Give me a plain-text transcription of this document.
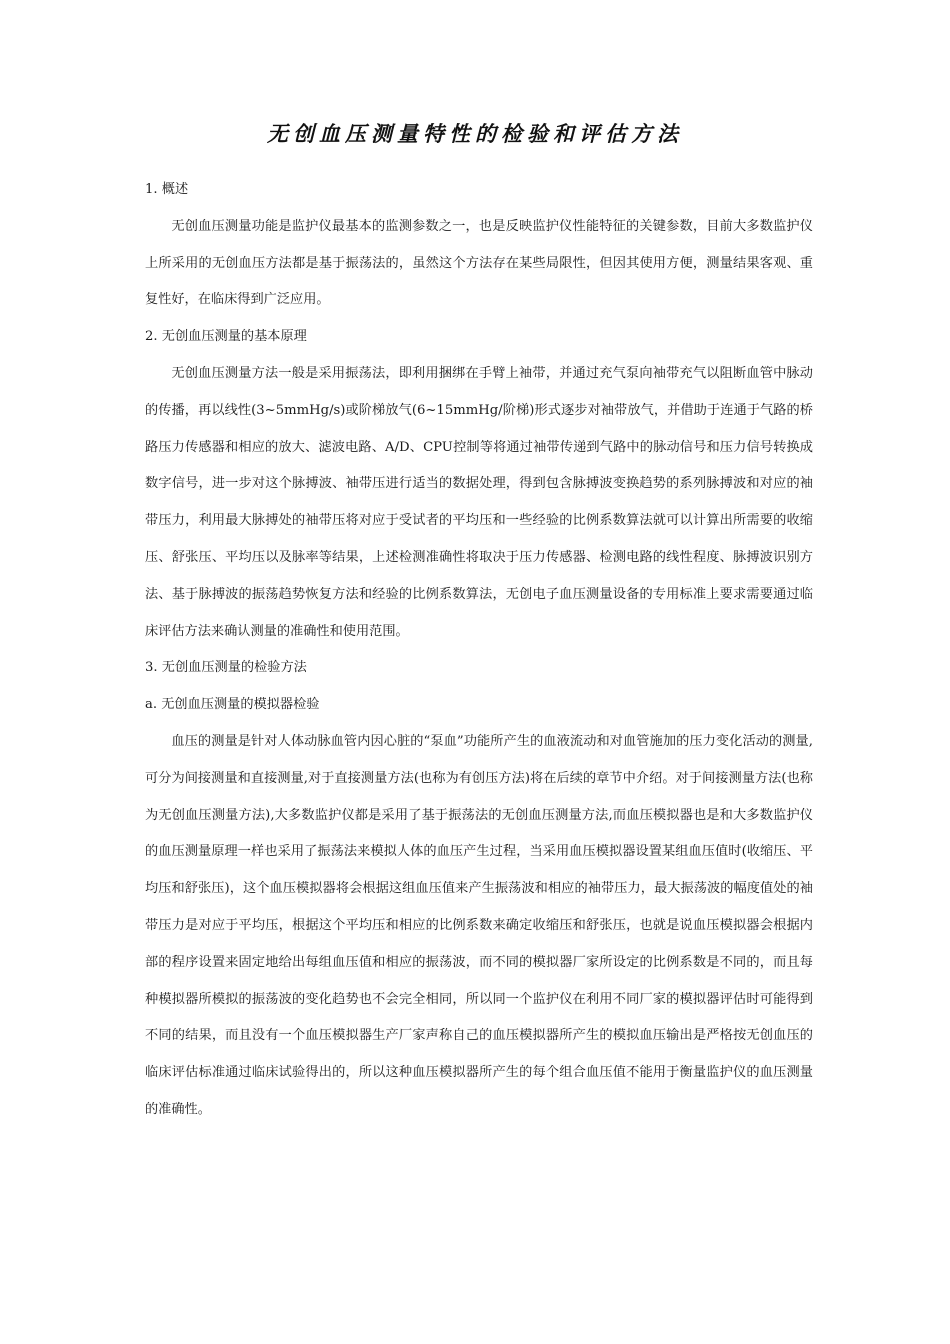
无创血压测量特性的检验和评估方法

1. 概述

无创血压测量功能是监护仪最基本的监测参数之一，也是反映监护仪性能特征的关键参数，目前大多数监护仪上所采用的无创血压方法都是基于振荡法的，虽然这个方法存在某些局限性，但因其使用方便，测量结果客观、重复性好，在临床得到广泛应用。

2. 无创血压测量的基本原理

无创血压测量方法一般是采用振荡法，即利用捆绑在手臂上袖带，并通过充气泵向袖带充气以阻断血管中脉动的传播，再以线性(3~5mmHg/s)或阶梯放气(6~15mmHg/阶梯)形式逐步对袖带放气，并借助于连通于气路的桥路压力传感器和相应的放大、滤波电路、A/D、CPU控制等将通过袖带传递到气路中的脉动信号和压力信号转换成数字信号，进一步对这个脉搏波、袖带压进行适当的数据处理，得到包含脉搏波变换趋势的系列脉搏波和对应的袖带压力，利用最大脉搏处的袖带压将对应于受试者的平均压和一些经验的比例系数算法就可以计算出所需要的收缩压、舒张压、平均压以及脉率等结果，上述检测准确性将取决于压力传感器、检测电路的线性程度、脉搏波识别方法、基于脉搏波的振荡趋势恢复方法和经验的比例系数算法，无创电子血压测量设备的专用标准上要求需要通过临床评估方法来确认测量的准确性和使用范围。

3. 无创血压测量的检验方法

a. 无创血压测量的模拟器检验

血压的测量是针对人体动脉血管内因心脏的“泵血”功能所产生的血液流动和对血管施加的压力变化活动的测量,可分为间接测量和直接测量,对于直接测量方法(也称为有创压方法)将在后续的章节中介绍。对于间接测量方法(也称为无创血压测量方法),大多数监护仪都是采用了基于振荡法的无创血压测量方法,而血压模拟器也是和大多数监护仪的血压测量原理一样也采用了振荡法来模拟人体的血压产生过程，当采用血压模拟器设置某组血压值时(收缩压、平均压和舒张压)，这个血压模拟器将会根据这组血压值来产生振荡波和相应的袖带压力，最大振荡波的幅度值处的袖带压力是对应于平均压，根据这个平均压和相应的比例系数来确定收缩压和舒张压，也就是说血压模拟器会根据内部的程序设置来固定地给出每组血压值和相应的振荡波，而不同的模拟器厂家所设定的比例系数是不同的，而且每种模拟器所模拟的振荡波的变化趋势也不会完全相同，所以同一个监护仪在利用不同厂家的模拟器评估时可能得到不同的结果，而且没有一个血压模拟器生产厂家声称自己的血压模拟器所产生的模拟血压输出是严格按无创血压的临床评估标准通过临床试验得出的，所以这种血压模拟器所产生的每个组合血压值不能用于衡量监护仪的血压测量的准确性。
